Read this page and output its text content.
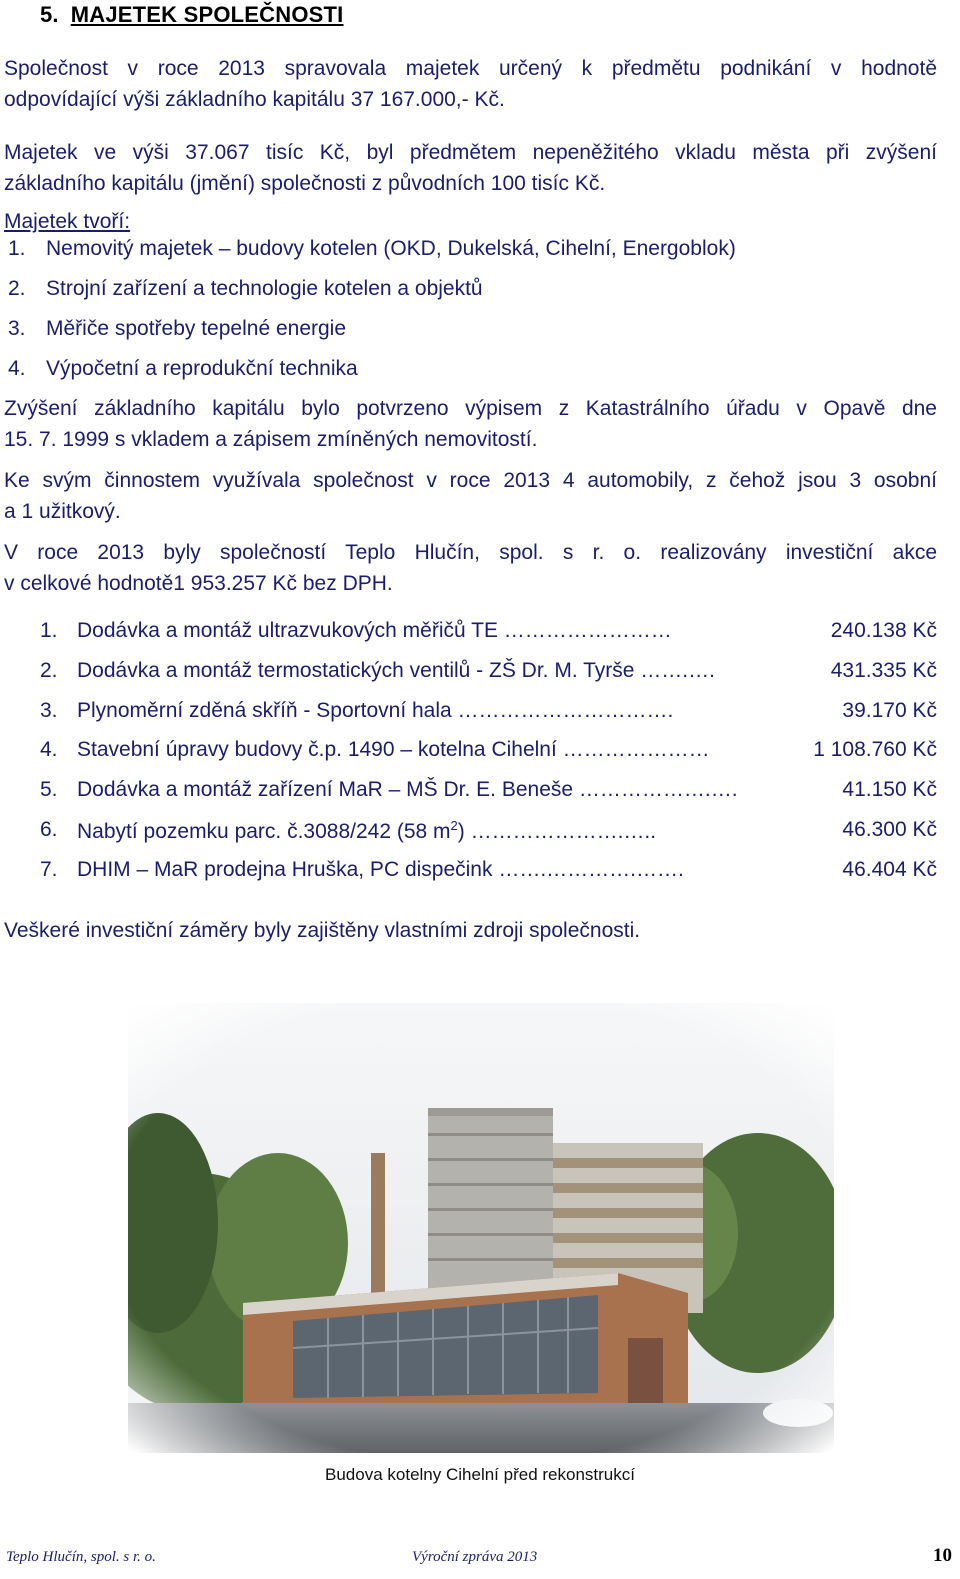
5. MAJETEK SPOLEČNOSTI
Společnost v roce 2013 spravovala majetek určený k předmětu podnikání v hodnotě
odpovídající výši základního kapitálu 37 167.000,- Kč.
Majetek ve výši 37.067 tisíc Kč, byl předmětem nepeněžitého vkladu města při zvýšení
základního kapitálu (jmění) společnosti z původních 100 tisíc Kč.
Majetek tvoří:
1. Nemovitý majetek – budovy kotelen (OKD, Dukelská, Cihelní, Energoblok)
2. Strojní zařízení a technologie kotelen a objektů
3. Měřiče spotřeby tepelné energie
4. Výpočetní a reprodukční technika
Zvýšení základního kapitálu bylo potvrzeno výpisem z Katastrálního úřadu v Opavě dne
15. 7. 1999 s vkladem a zápisem zmíněných nemovitostí.
Ke svým činnostem využívala společnost v roce 2013 4 automobily, z čehož jsou 3 osobní
a 1 užitkový.
V roce 2013 byly společností Teplo Hlučín, spol. s r. o. realizovány investiční akce
v celkové hodnotě1 953.257 Kč bez DPH.
1. Dodávka a montáž ultrazvukových měřičů TE ……………………	240.138 Kč
2. Dodávka a montáž termostatických ventilů - ZŠ Dr. M. Tyrše …….….	431.335 Kč
3. Plynoměrní zděná skříň - Sportovní hala ………………………….	39.170 Kč
4. Stavební úpravy budovy č.p. 1490 – kotelna Cihelní …………………	1 108.760 Kč
5. Dodávka a montáž zařízení MaR – MŠ Dr. E. Beneše ……………….….	41.150 Kč
6. Nabytí pozemku parc. č.3088/242 (58 $m^2$) ………………….…..	46.300 Kč
7. DHIM – MaR prodejna Hruška, PC dispečink …….………….…….	46.404 Kč
Veškeré investiční záměry byly zajištěny vlastními zdroji společnosti.
Budova kotelny Cihelní před rekonstrukcí
Teplo Hlučín, spol. s r. o.	Výroční zpráva 2013	10
